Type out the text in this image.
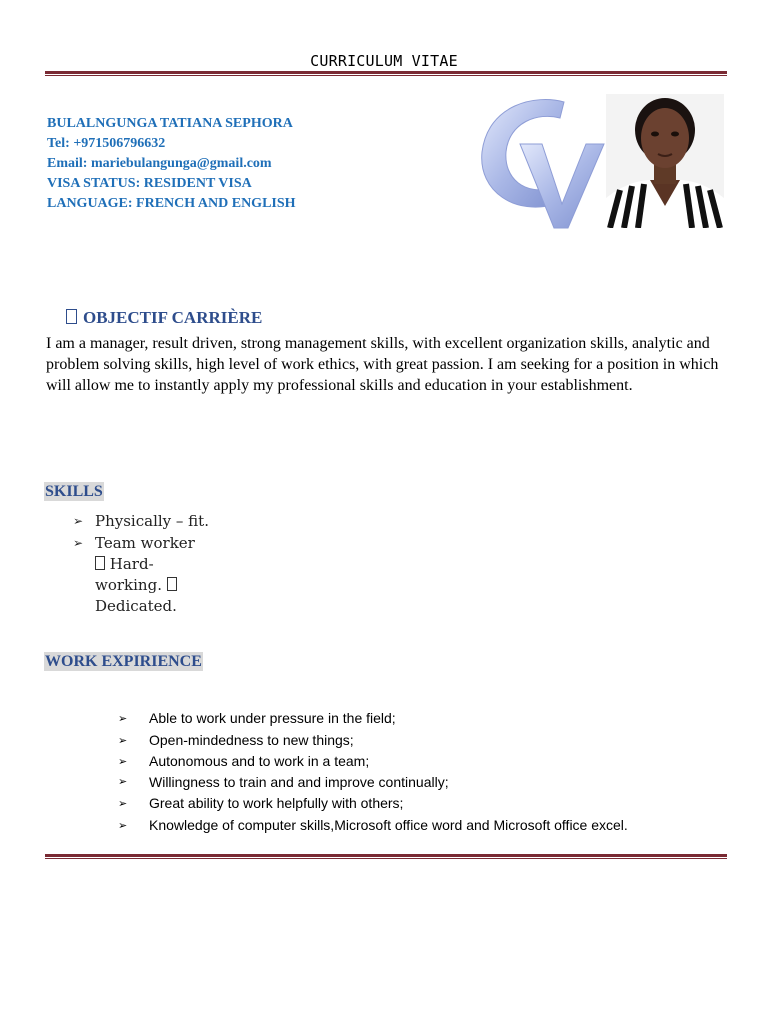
CURRICULUM VITAE
BULALNGUNGA TATIANA SEPHORA
Tel: +971506796632
Email: mariebulangunga@gmail.com
VISA STATUS: RESIDENT VISA
LANGUAGE: FRENCH AND ENGLISH
OBJECTIF CARRIÈRE
I am a manager, result driven, strong management skills, with excellent organization skills, analytic and problem solving skills, high level of work ethics, with great passion. I am seeking for a position in which will allow me to instantly apply my professional skills and education in your establishment.
SKILLS
➢ Physically – fit.
➢ Team worker
Hard-
working.
Dedicated.
WORK EXPIRIENCE
➢	Able to work under pressure in the field;
➢	Open-mindedness to new things;
➢	Autonomous and to work in a team;
➢	Willingness to train and and improve continually;
➢	Great ability to work helpfully with others;
➢	Knowledge of computer skills,Microsoft office word and Microsoft office excel.
